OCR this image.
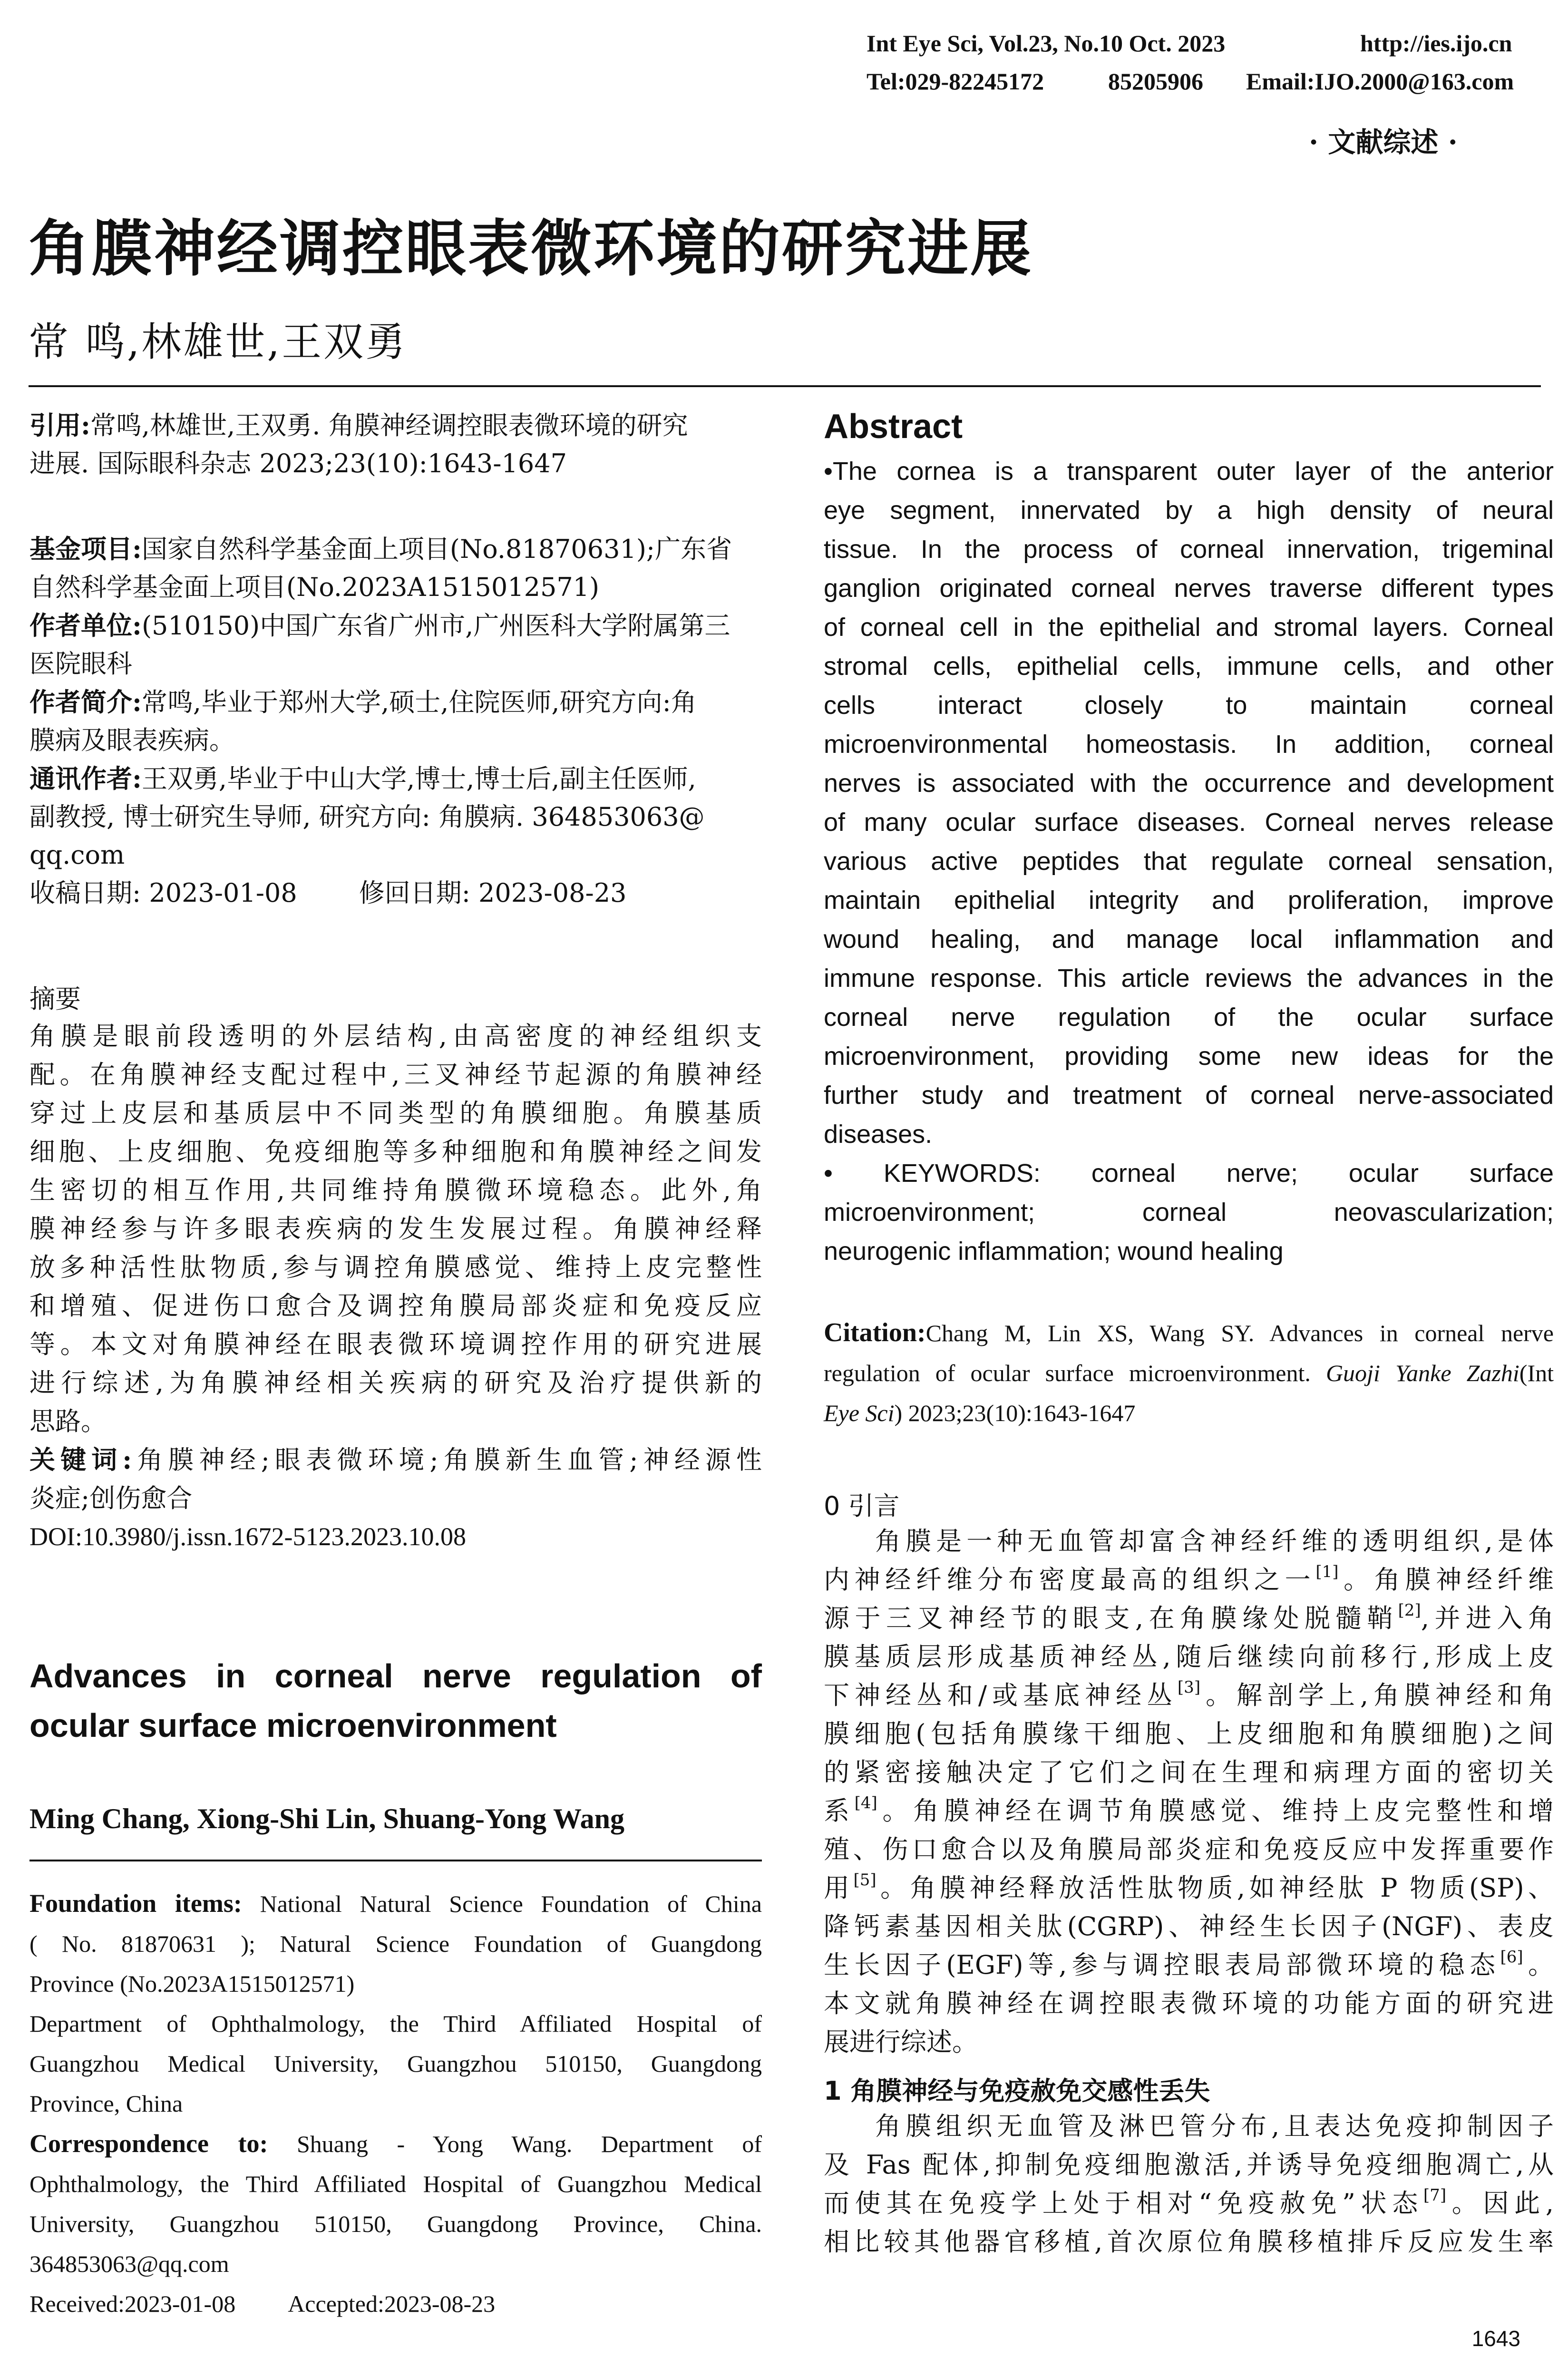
Int Eye Sci, Vol.23, No.10 Oct. 2023	http://ies.ijo.cn
Tel:029-82245172	85205906 Email:IJO.2000@163.com
· 文献综述 ·
角膜神经调控眼表微环境的研究进展
常 鸣,林雄世,王双勇
引用:常鸣,林雄世,王双勇. 角膜神经调控眼表微环境的研究
进展. 国际眼科杂志 2023;23(10):1643-1647
基金项目:国家自然科学基金面上项目(No.81870631);广东省
自然科学基金面上项目(No.2023A1515012571)
作者单位:(510150)中国广东省广州市,广州医科大学附属第三
医院眼科
作者简介:常鸣,毕业于郑州大学,硕士,住院医师,研究方向:角
膜病及眼表疾病。
通讯作者:王双勇,毕业于中山大学,博士,博士后,副主任医师,
副教授, 博士研究生导师, 研究方向: 角膜病. 364853063@
qq.com
收稿日期: 2023-01-08 修回日期: 2023-08-23
摘要
角膜是眼前段透明的外层结构,由高密度的神经组织支
配。在角膜神经支配过程中,三叉神经节起源的角膜神经
穿过上皮层和基质层中不同类型的角膜细胞。角膜基质
细胞、上皮细胞、免疫细胞等多种细胞和角膜神经之间发
生密切的相互作用,共同维持角膜微环境稳态。此外,角
膜神经参与许多眼表疾病的发生发展过程。角膜神经释
放多种活性肽物质,参与调控角膜感觉、维持上皮完整性
和增殖、促进伤口愈合及调控角膜局部炎症和免疫反应
等。本文对角膜神经在眼表微环境调控作用的研究进展
进行综述,为角膜神经相关疾病的研究及治疗提供新的
思路。
关键词:角膜神经;眼表微环境;角膜新生血管;神经源性
炎症;创伤愈合
DOI:10.3980/j.issn.1672-5123.2023.10.08
Advances in corneal nerve regulation of
ocular surface microenvironment
Ming Chang, Xiong-Shi Lin, Shuang-Yong Wang
Foundation items: National Natural Science Foundation of China
( No. 81870631 ); Natural Science Foundation of Guangdong
Province (No.2023A1515012571)
Department of Ophthalmology, the Third Affiliated Hospital of
Guangzhou Medical University, Guangzhou 510150, Guangdong
Province, China
Correspondence to: Shuang - Yong Wang. Department of
Ophthalmology, the Third Affiliated Hospital of Guangzhou Medical
University, Guangzhou 510150, Guangdong Province, China.
364853063@qq.com
Received:2023-01-08 Accepted:2023-08-23
Abstract
•The cornea is a transparent outer layer of the anterior
eye segment, innervated by a high density of neural
tissue. In the process of corneal innervation, trigeminal
ganglion originated corneal nerves traverse different types
of corneal cell in the epithelial and stromal layers. Corneal
stromal cells, epithelial cells, immune cells, and other
cells interact closely to maintain corneal
microenvironmental homeostasis. In addition, corneal
nerves is associated with the occurrence and development
of many ocular surface diseases. Corneal nerves release
various active peptides that regulate corneal sensation,
maintain epithelial integrity and proliferation, improve
wound healing, and manage local inflammation and
immune response. This article reviews the advances in the
corneal nerve regulation of the ocular surface
microenvironment, providing some new ideas for the
further study and treatment of corneal nerve-associated
diseases.
• KEYWORDS: corneal nerve; ocular surface
microenvironment; corneal neovascularization;
neurogenic inflammation; wound healing
Citation:Chang M, Lin XS, Wang SY. Advances in corneal nerve
regulation of ocular surface microenvironment. Guoji Yanke Zazhi(Int
Eye Sci) 2023;23(10):1643-1647
0 引言
角膜是一种无血管却富含神经纤维的透明组织,是体
内神经纤维分布密度最高的组织之一[1]。角膜神经纤维
源于三叉神经节的眼支,在角膜缘处脱髓鞘[2],并进入角
膜基质层形成基质神经丛,随后继续向前移行,形成上皮
下神经丛和/或基底神经丛[3]。解剖学上,角膜神经和角
膜细胞(包括角膜缘干细胞、上皮细胞和角膜细胞)之间
的紧密接触决定了它们之间在生理和病理方面的密切关
系[4]。角膜神经在调节角膜感觉、维持上皮完整性和增
殖、伤口愈合以及角膜局部炎症和免疫反应中发挥重要作
用[5]。角膜神经释放活性肽物质,如神经肽 P 物质(SP)、
降钙素基因相关肽(CGRP)、神经生长因子(NGF)、表皮
生长因子(EGF)等,参与调控眼表局部微环境的稳态[6]。
本文就角膜神经在调控眼表微环境的功能方面的研究进
展进行综述。
1 角膜神经与免疫赦免交感性丢失
角膜组织无血管及淋巴管分布,且表达免疫抑制因子
及 Fas 配体,抑制免疫细胞激活,并诱导免疫细胞凋亡,从
而使其在免疫学上处于相对“免疫赦免”状态[7]。因此,
相比较其他器官移植,首次原位角膜移植排斥反应发生率
1643
